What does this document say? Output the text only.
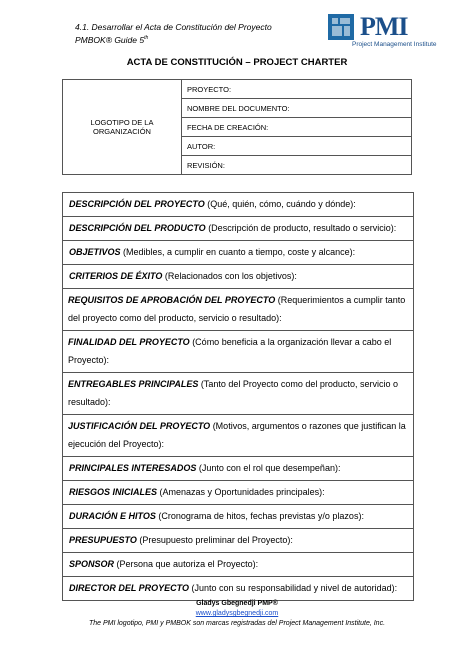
4.1. Desarrollar el Acta de Constitución del Proyecto
PMBOK® Guide 5th	PMI
Project Management Institute
ACTA DE CONSTITUCIÓN – PROJECT CHARTER
LOGOTIPO DE LA ORGANIZACIÓN	PROYECTO:
NOMBRE DEL DOCUMENTO:
FECHA DE CREACIÓN:
AUTOR:
REVISIÓN:
DESCRIPCIÓN DEL PROYECTO (Qué, quién, cómo, cuándo y dónde):
DESCRIPCIÓN DEL PRODUCTO (Descripción de producto, resultado o servicio):
OBJETIVOS (Medibles, a cumplir en cuanto a tiempo, coste y alcance):
CRITERIOS DE ÉXITO (Relacionados con los objetivos):
REQUISITOS DE APROBACIÓN DEL PROYECTO (Requerimientos a cumplir tanto del proyecto como del producto, servicio o resultado):
FINALIDAD DEL PROYECTO (Cómo beneficia a la organización llevar a cabo el Proyecto):
ENTREGABLES PRINCIPALES (Tanto del Proyecto como del producto, servicio o resultado):
JUSTIFICACIÓN DEL PROYECTO (Motivos, argumentos o razones que justifican la ejecución del Proyecto):
PRINCIPALES INTERESADOS (Junto con el rol que desempeñan):
RIESGOS INICIALES (Amenazas y Oportunidades principales):
DURACIÓN E HITOS (Cronograma de hitos, fechas previstas y/o plazos):
PRESUPUESTO (Presupuesto preliminar del Proyecto):
SPONSOR (Persona que autoriza el Proyecto):
DIRECTOR DEL PROYECTO (Junto con su responsabilidad y nivel de autoridad):
Gladys Gbegnedji PMP®
www.gladysgbegnedji.com
The PMI logotipo, PMI y PMBOK son marcas registradas del Project Management Institute, Inc.
